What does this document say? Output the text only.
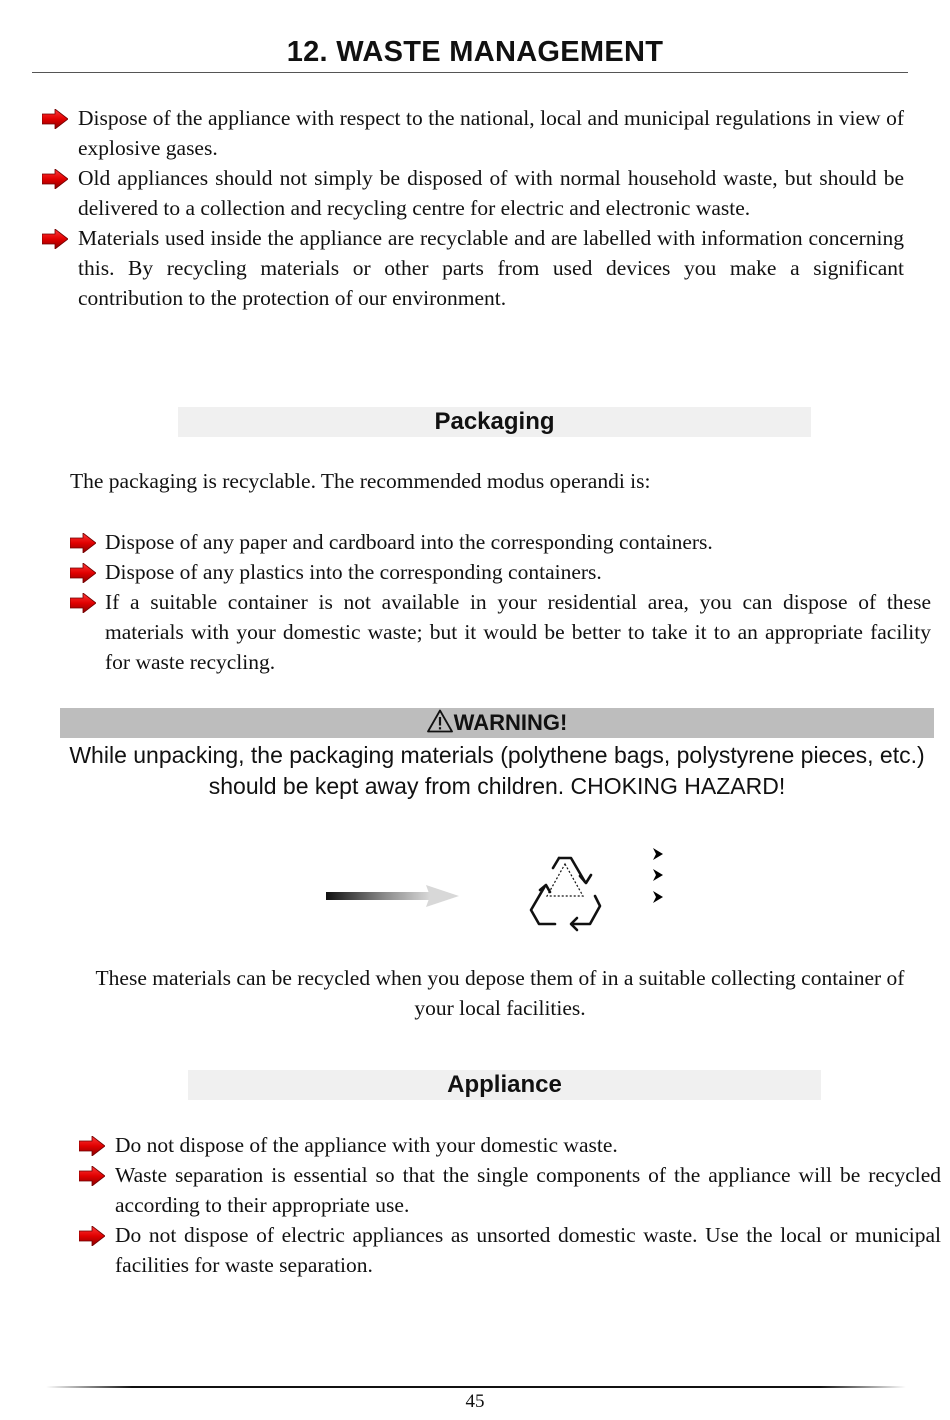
12. WASTE MANAGEMENT
Dispose of the appliance with respect to the national, local and municipal regulations in view of explosive gases.
Old appliances should not simply be disposed of with normal household waste, but should be delivered to a collection and recycling centre for electric and electronic waste.
Materials used inside the appliance are recyclable and are labelled with information concerning this. By recycling materials or other parts from used devices you make a significant contribution to the protection of our environment.
Packaging
The packaging is recyclable. The recommended modus operandi is:
Dispose of any paper and cardboard into the corresponding containers.
Dispose of any plastics into the corresponding containers.
If a suitable container is not available in your residential area, you can dispose of these materials with your domestic waste; but it would be better to take it to an appropriate facility for waste recycling.
WARNING!
While unpacking, the packaging materials (polythene bags, polystyrene pieces, etc.) should be kept away from children. CHOKING HAZARD!
These materials can be recycled when you depose them of in a suitable collecting container of your local facilities.
Appliance
Do not dispose of the appliance with your domestic waste.
Waste separation is essential so that the single components of the appliance will be recycled according to their appropriate use.
Do not dispose of electric appliances as unsorted domestic waste. Use the local or municipal facilities for waste separation.
45
